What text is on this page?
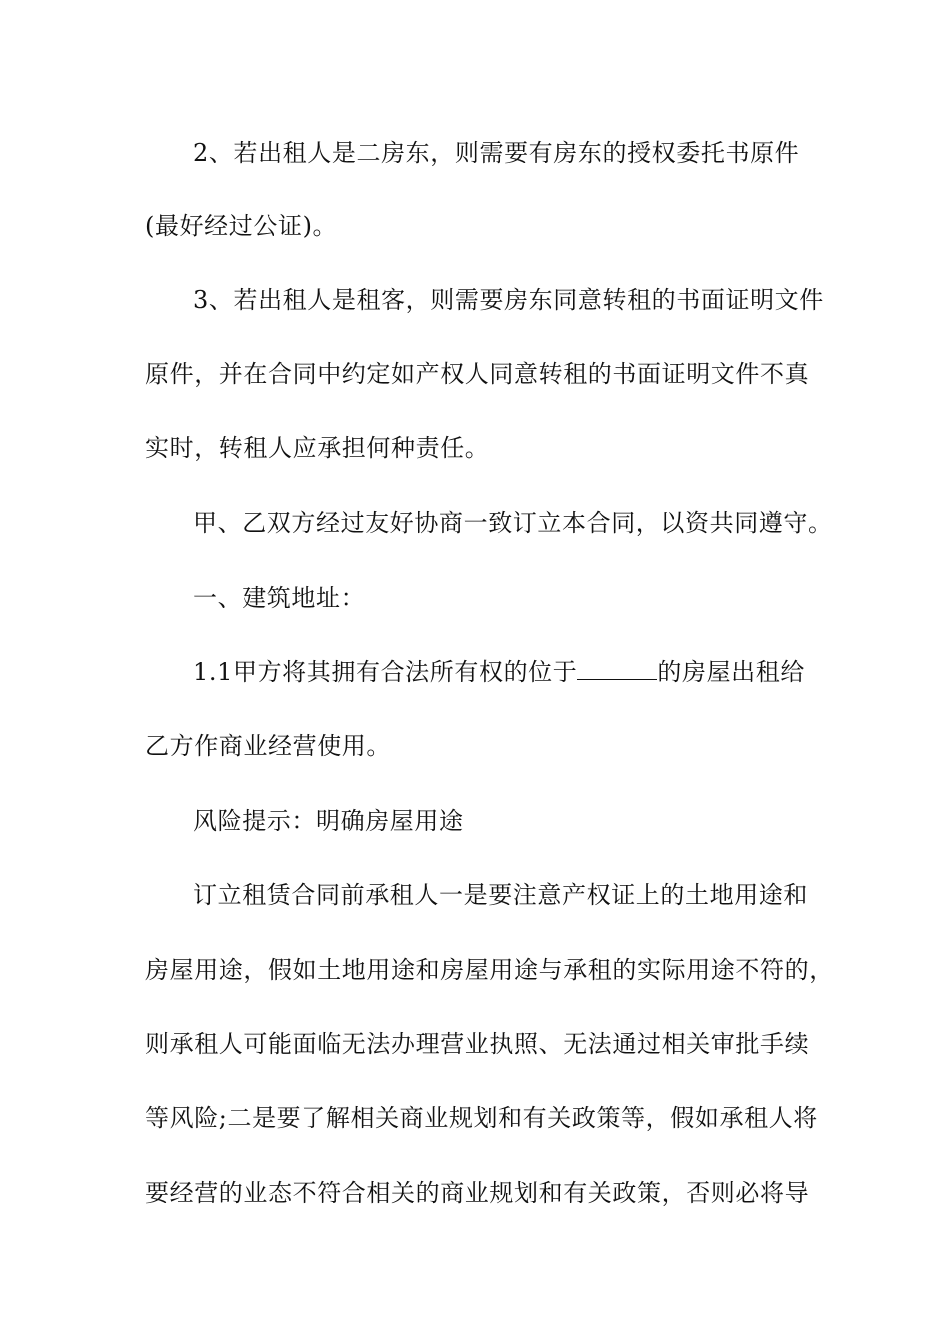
2、若出租人是二房东，则需要有房东的授权委托书原件
(最好经过公证)。
3、若出租人是租客，则需要房东同意转租的书面证明文件
原件，并在合同中约定如产权人同意转租的书面证明文件不真
实时，转租人应承担何种责任。
甲、乙双方经过友好协商一致订立本合同，以资共同遵守。
一、建筑地址：
1.1甲方将其拥有合法所有权的位于	的房屋出租给
乙方作商业经营使用。
风险提示：明确房屋用途
订立租赁合同前承租人一是要注意产权证上的土地用途和
房屋用途，假如土地用途和房屋用途与承租的实际用途不符的，
则承租人可能面临无法办理营业执照、无法通过相关审批手续
等风险;二是要了解相关商业规划和有关政策等，假如承租人将
要经营的业态不符合相关的商业规划和有关政策，否则必将导
